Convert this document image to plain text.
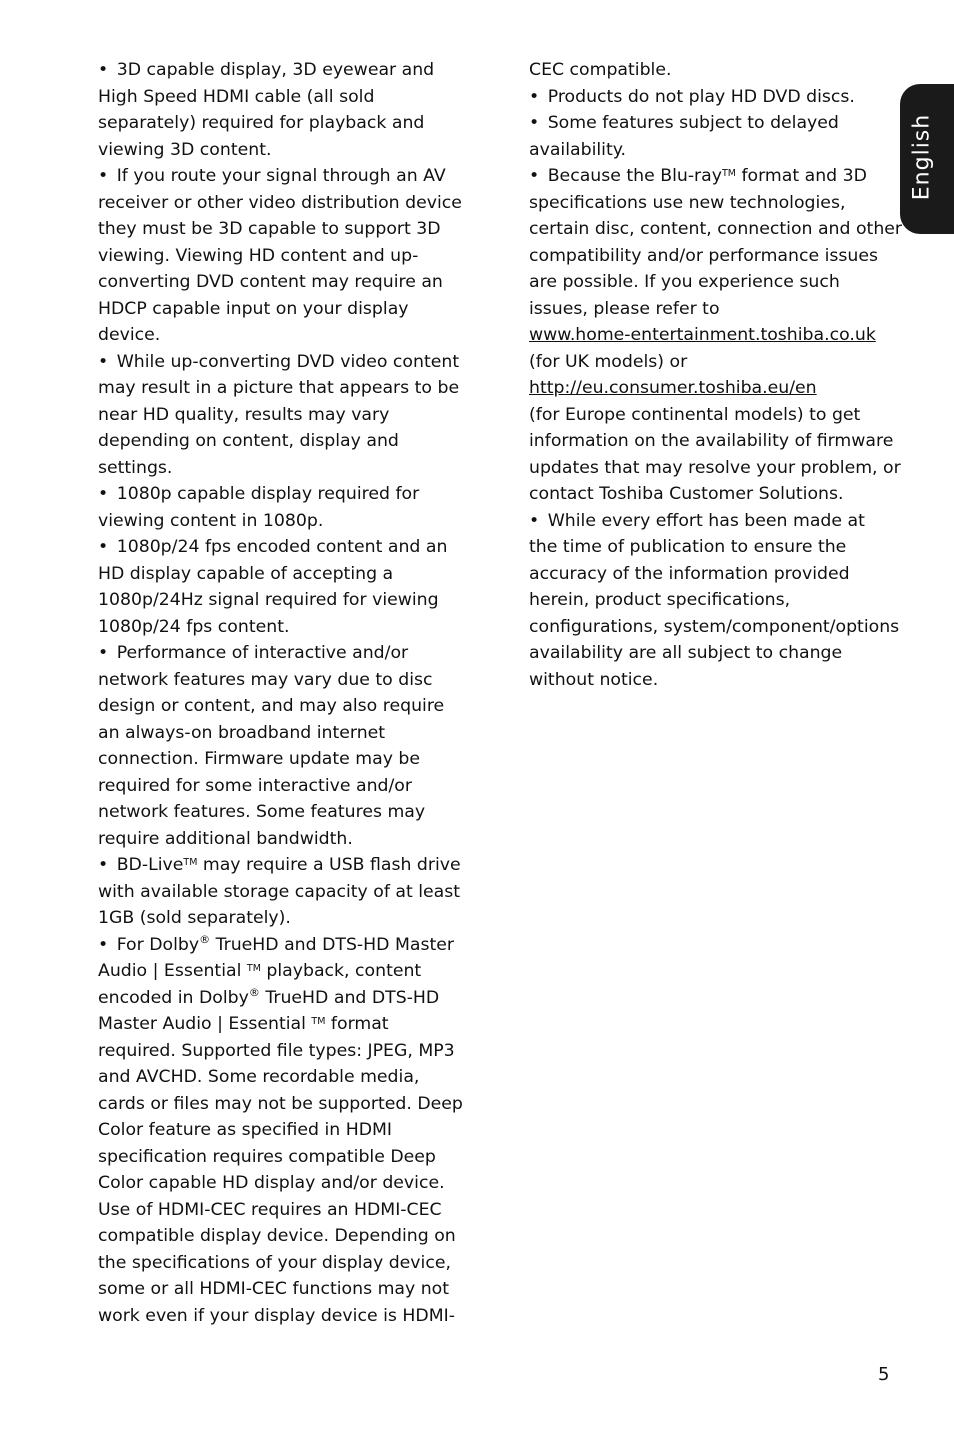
English

• 3D capable display, 3D eyewear and

High Speed HDMI cable (all sold

separately) required for playback and

viewing 3D content.

• If you route your signal through an AV

receiver or other video distribution device

they must be 3D capable to support 3D

viewing. Viewing HD content and up-

converting DVD content may require an

HDCP capable input on your display

device.

• While up-converting DVD video content

may result in a picture that appears to be

near HD quality, results may vary

depending on content, display and

settings.

• 1080p capable display required for

viewing content in 1080p.

• 1080p/24 fps encoded content and an

HD display capable of accepting a

1080p/24Hz signal required for viewing

1080p/24 fps content.

• Performance of interactive and/or

network features may vary due to disc

design or content, and may also require

an always-on broadband internet

connection. Firmware update may be

required for some interactive and/or

network features. Some features may

require additional bandwidth.

• BD-Live™ may require a USB flash drive

with available storage capacity of at least

1GB (sold separately).

• For Dolby® TrueHD and DTS-HD Master

Audio | Essential ™ playback, content

encoded in Dolby® TrueHD and DTS-HD

Master Audio | Essential ™ format

required. Supported file types: JPEG, MP3

and AVCHD. Some recordable media,

cards or files may not be supported. Deep

Color feature as specified in HDMI

specification requires compatible Deep

Color capable HD display and/or device.

Use of HDMI-CEC requires an HDMI-CEC

compatible display device. Depending on

the specifications of your display device,

some or all HDMI-CEC functions may not

work even if your display device is HDMI-

CEC compatible.

• Products do not play HD DVD discs.

• Some features subject to delayed

availability.

• Because the Blu-ray™ format and 3D

specifications use new technologies,

certain disc, content, connection and other

compatibility and/or performance issues

are possible. If you experience such

issues, please refer to

www.home-entertainment.toshiba.co.uk

(for UK models) or

http://eu.consumer.toshiba.eu/en

(for Europe continental models) to get

information on the availability of firmware

updates that may resolve your problem, or

contact Toshiba Customer Solutions.

• While every effort has been made at

the time of publication to ensure the

accuracy of the information provided

herein, product specifications,

configurations, system/component/options

availability are all subject to change

without notice.

5
